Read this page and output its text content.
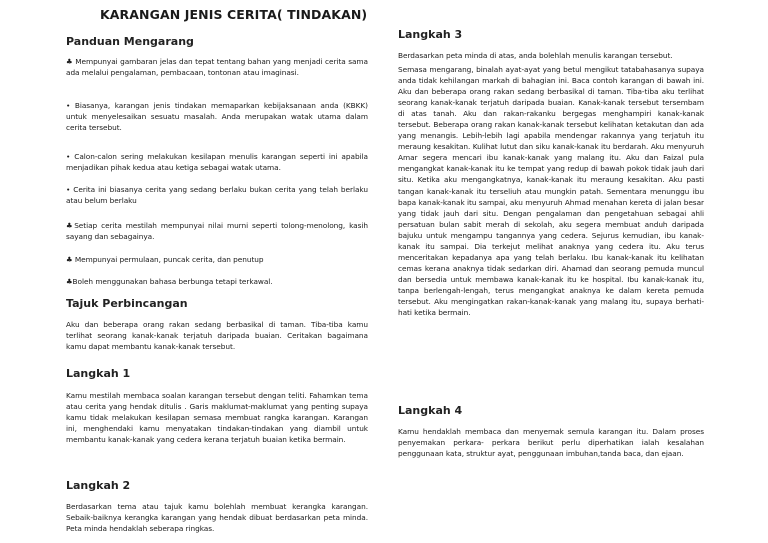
KARANGAN JENIS CERITA( TINDAKAN)
Panduan Mengarang

♣ Mempunyai gambaran jelas dan tepat tentang bahan yang menjadi cerita sama ada melalui pengalaman, pembacaan, tontonan atau imaginasi.

• Biasanya, karangan jenis tindakan memaparkan kebijaksanaan anda (KBKK) untuk menyelesaikan sesuatu masalah. Anda merupakan watak utama dalam cerita tersebut.

• Calon-calon sering melakukan kesilapan menulis karangan seperti ini apabila menjadikan pihak kedua atau ketiga sebagai watak utama.

• Cerita ini biasanya cerita yang sedang berlaku bukan cerita yang telah berlaku atau belum berlaku

♣Setiap cerita mestilah mempunyai nilai murni seperti tolong-menolong, kasih sayang dan sebagainya.

♣ Mempunyai permulaan, puncak cerita, dan penutup

♣Boleh menggunakan bahasa berbunga tetapi terkawal.

Tajuk Perbincangan

Aku dan beberapa orang rakan sedang berbasikal di taman. Tiba-tiba kamu terlihat seorang kanak-kanak terjatuh daripada buaian. Ceritakan bagaimana kamu dapat membantu kanak-kanak tersebut.

Langkah 1

Kamu mestilah membaca soalan karangan tersebut dengan teliti. Fahamkan tema atau cerita yang hendak ditulis . Garis maklumat-maklumat yang penting supaya kamu tidak melakukan kesilapan semasa membuat rangka karangan. Karangan ini, menghendaki kamu menyatakan tindakan-tindakan yang diambil untuk membantu kanak-kanak yang cedera kerana terjatuh buaian ketika bermain.

Langkah 2

Berdasarkan tema atau tajuk kamu bolehlah membuat kerangka karangan. Sebaik-baiknya kerangka karangan yang hendak dibuat berdasarkan peta minda. Peta minda hendaklah seberapa ringkas.

Langkah 3

Berdasarkan peta minda di atas, anda bolehlah menulis karangan tersebut.

Semasa mengarang, binalah ayat-ayat yang betul mengikut tatabahasanya supaya anda tidak kehilangan markah di bahagian ini. Baca contoh karangan di bawah ini. Aku dan beberapa orang rakan sedang berbasikal di taman. Tiba-tiba aku terlihat seorang kanak-kanak terjatuh daripada buaian. Kanak-kanak tersebut tersembam di atas tanah. Aku dan rakan-rakanku bergegas menghampiri kanak-kanak tersebut. Beberapa orang rakan kanak-kanak tersebut kelihatan ketakutan dan ada yang menangis. Lebih-lebih lagi apabila mendengar rakannya yang terjatuh itu meraung kesakitan. Kulihat lutut dan siku kanak-kanak itu berdarah. Aku menyuruh Amar segera mencari ibu kanak-kanak yang malang itu. Aku dan Faizal pula mengangkat kanak-kanak itu ke tempat yang redup di bawah pokok tidak jauh dari situ. Ketika aku mengangkatnya, kanak-kanak itu meraung kesakitan. Aku pasti tangan kanak-kanak itu terseliuh atau mungkin patah. Sementara menunggu ibu bapa kanak-kanak itu sampai, aku menyuruh Ahmad menahan kereta di jalan besar yang tidak jauh dari situ. Dengan pengalaman dan pengetahuan sebagai ahli persatuan bulan sabit merah di sekolah, aku segera membuat anduh daripada bajuku untuk mengampu tangannya yang cedera. Sejurus kemudian, ibu kanak-kanak itu sampai. Dia terkejut melihat anaknya yang cedera itu. Aku terus menceritakan kepadanya apa yang telah berlaku. Ibu kanak-kanak itu kelihatan cemas kerana anaknya tidak sedarkan diri. Ahamad dan seorang pemuda muncul dan bersedia untuk membawa kanak-kanak itu ke hospital. Ibu kanak-kanak itu, tanpa berlengah-lengah, terus mengangkat anaknya ke dalam kereta pemuda tersebut. Aku mengingatkan rakan-kanak-kanak yang malang itu, supaya berhati-hati ketika bermain.

Langkah 4

Kamu hendaklah membaca dan menyemak semula karangan itu. Dalam proses penyemakan perkara- perkara berikut perlu diperhatikan ialah kesalahan penggunaan kata, struktur ayat, penggunaan imbuhan,tanda baca, dan ejaan.
